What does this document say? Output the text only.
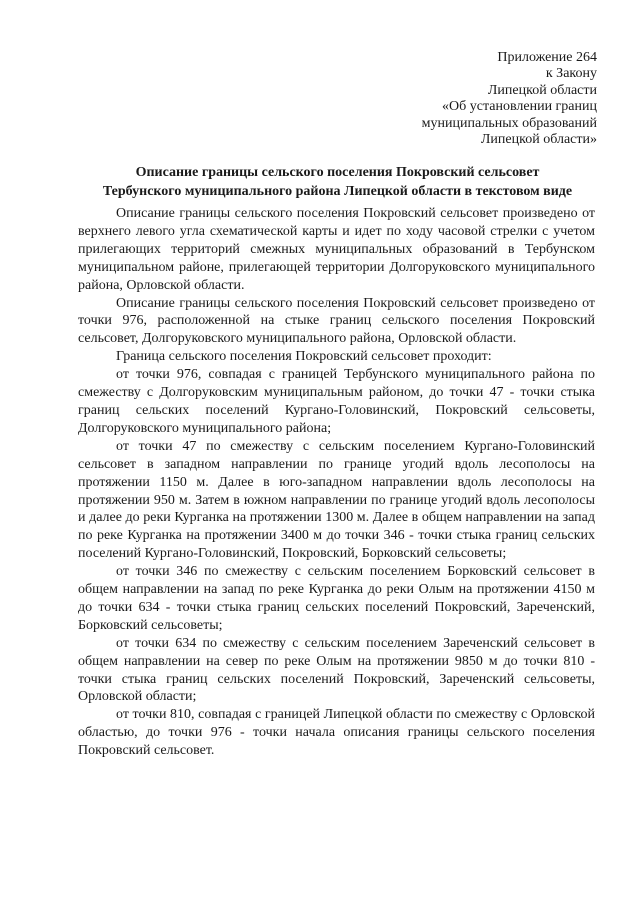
Приложение 264
к Закону
Липецкой области
«Об установлении границ
муниципальных образований
Липецкой области»
Описание границы сельского поселения Покровский сельсовет
Тербунского муниципального района Липецкой области в текстовом виде

Описание границы сельского поселения Покровский сельсовет произведено от верхнего левого угла схематической карты и идет по ходу часовой стрелки с учетом прилегающих территорий смежных муниципальных образований в Тербунском муниципальном районе, прилегающей территории Долгоруковского муниципального района, Орловской области.

Описание границы сельского поселения Покровский сельсовет произведено от точки 976, расположенной на стыке границ сельского поселения Покровский сельсовет, Долгоруковского муниципального района, Орловской области.

Граница сельского поселения Покровский сельсовет проходит:

от точки 976, совпадая с границей Тербунского муниципального района по смежеству с Долгоруковским муниципальным районом, до точки 47 - точки стыка границ сельских поселений Кургано-Головинский, Покровский сельсоветы, Долгоруковского муниципального района;

от точки 47 по смежеству с сельским поселением Кургано-Головинский сельсовет в западном направлении по границе угодий вдоль лесополосы на протяжении 1150 м. Далее в юго-западном направлении вдоль лесополосы на протяжении 950 м. Затем в южном направлении по границе угодий вдоль лесополосы и далее до реки Курганка на протяжении 1300 м. Далее в общем направлении на запад по реке Курганка на протяжении 3400 м до точки 346 - точки стыка границ сельских поселений Кургано-Головинский, Покровский, Борковский сельсоветы;

от точки 346 по смежеству с сельским поселением Борковский сельсовет в общем направлении на запад по реке Курганка до реки Олым на протяжении 4150 м до точки 634 - точки стыка границ сельских поселений Покровский, Зареченский, Борковский сельсоветы;

от точки 634 по смежеству с сельским поселением Зареченский сельсовет в общем направлении на север по реке Олым на протяжении 9850 м до точки 810 - точки стыка границ сельских поселений Покровский, Зареченский сельсоветы, Орловской области;

от точки 810, совпадая с границей Липецкой области по смежеству с Орловской областью, до точки 976 - точки начала описания границы сельского поселения Покровский сельсовет.
